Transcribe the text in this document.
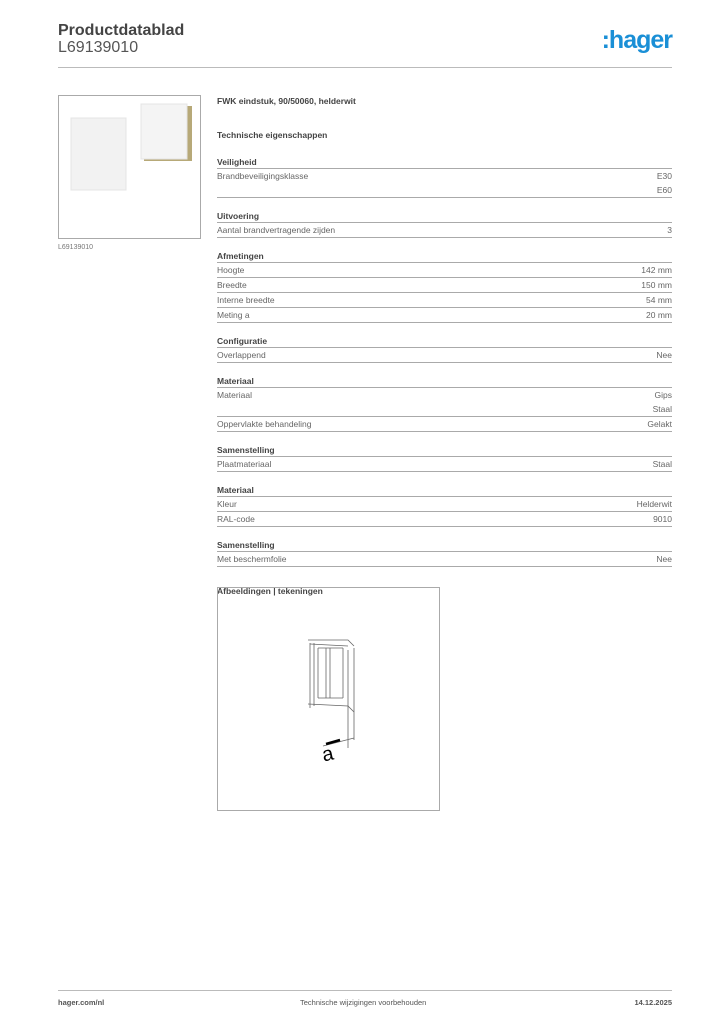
Productdatablad
L69139010	:hager
L69139010
FWK eindstuk, 90/50060, helderwit
Technische eigenschappen
Veiligheid
Brandbeveiligingsklasse	E30
E60
Uitvoering
Aantal brandvertragende zijden	3
Afmetingen
Hoogte	142 mm
Breedte	150 mm
Interne breedte	54 mm
Meting a	20 mm
Configuratie
Overlappend	Nee
Materiaal
Materiaal	Gips
Staal
Oppervlakte behandeling	Gelakt
Samenstelling
Plaatmateriaal	Staal
Materiaal
Kleur	Helderwit
RAL-code	9010
Samenstelling
Met beschermfolie	Nee
Afbeeldingen | tekeningen
a
hager.com/nl	Technische wijzigingen voorbehouden	14.12.2025
